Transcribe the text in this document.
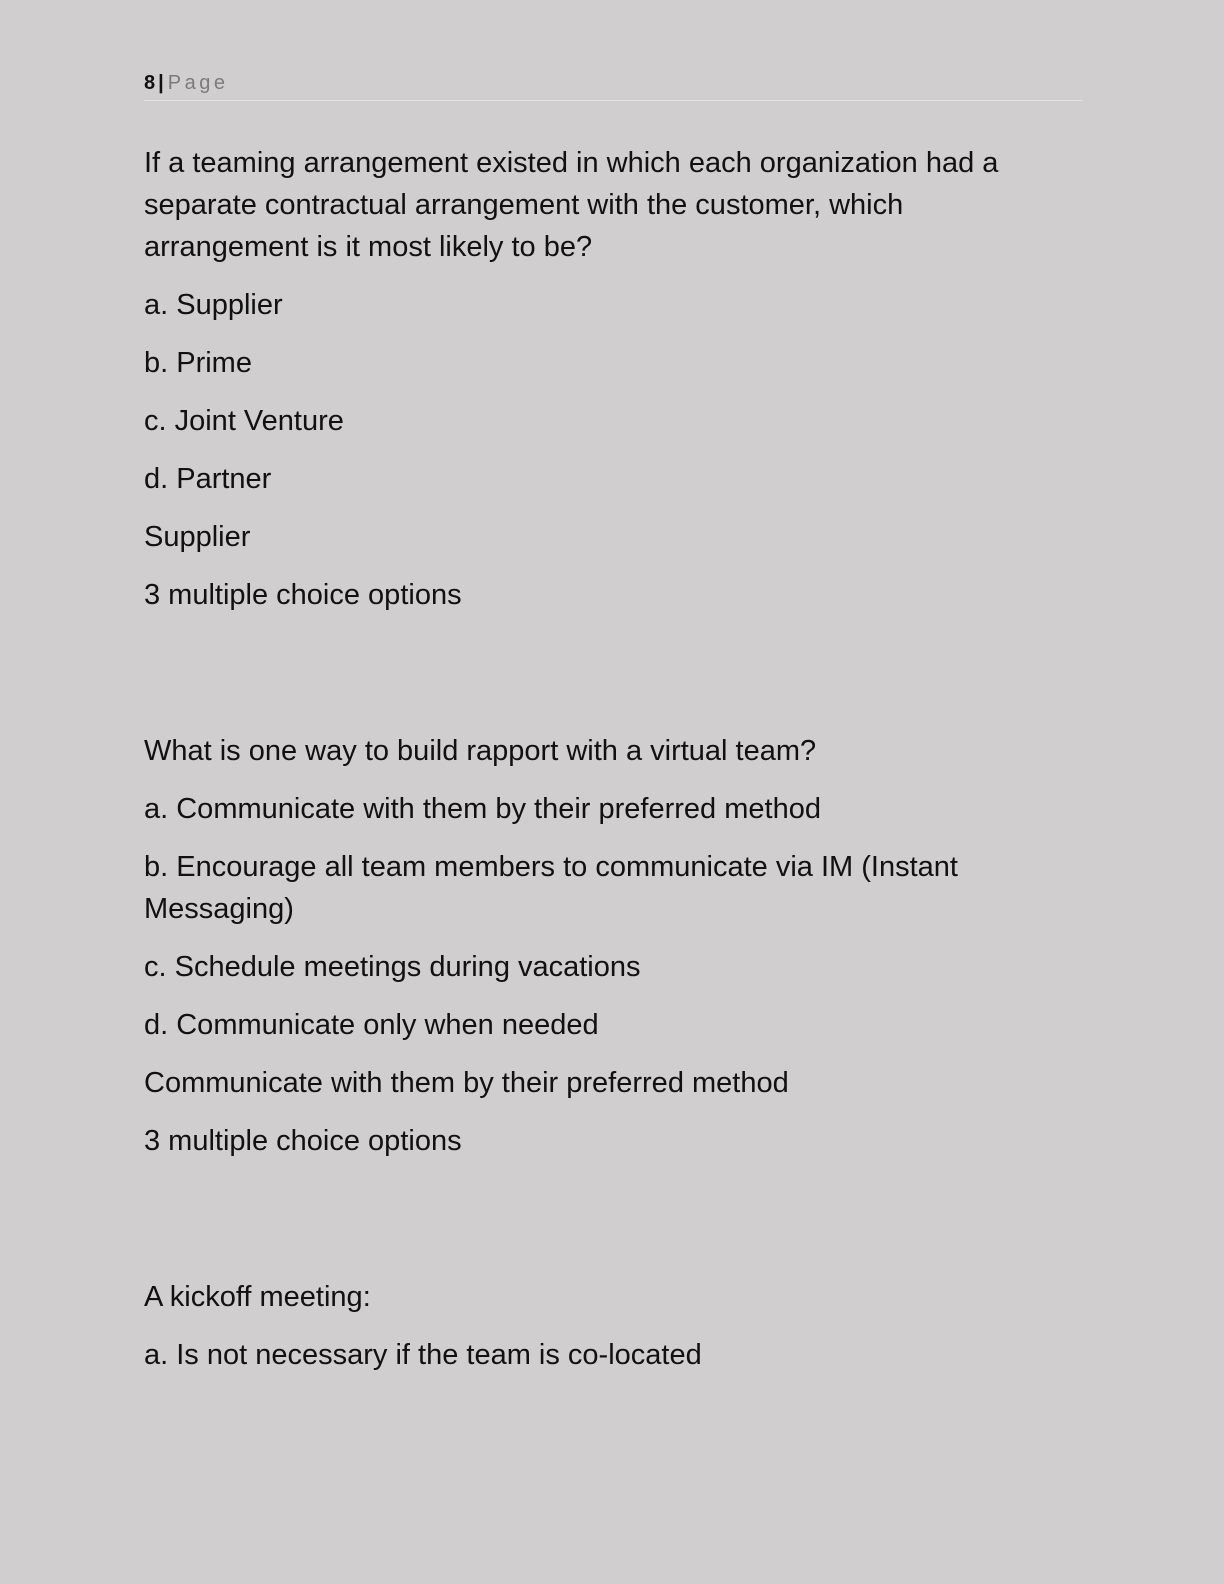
8 | Page
If a teaming arrangement existed in which each organization had a separate contractual arrangement with the customer, which arrangement is it most likely to be?
a. Supplier
b. Prime
c. Joint Venture
d. Partner
Supplier
3 multiple choice options
What is one way to build rapport with a virtual team?
a. Communicate with them by their preferred method
b. Encourage all team members to communicate via IM (Instant Messaging)
c. Schedule meetings during vacations
d. Communicate only when needed
Communicate with them by their preferred method
3 multiple choice options
A kickoff meeting:
a. Is not necessary if the team is co-located
